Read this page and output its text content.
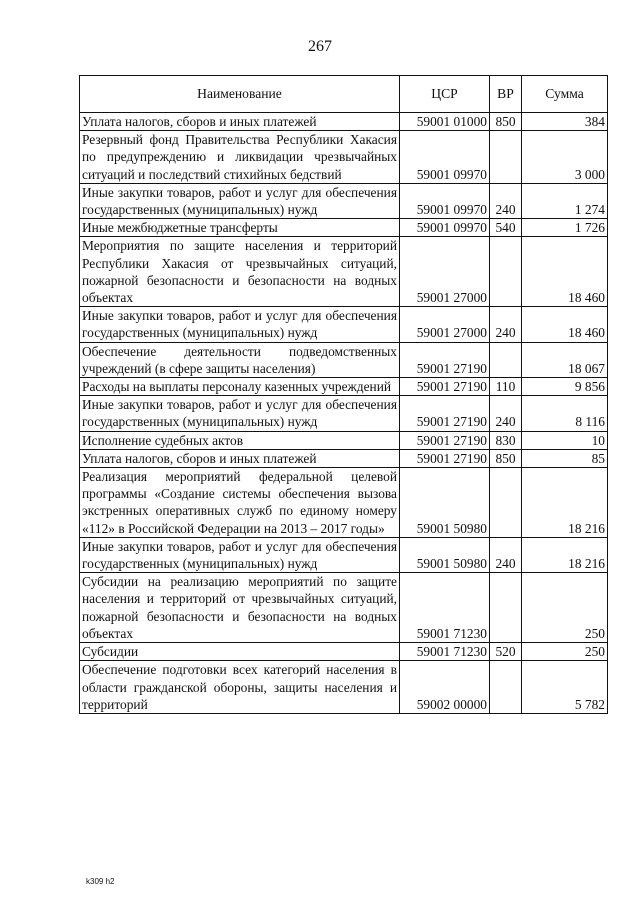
267
Наименование	ЦСР	ВР	Сумма
Уплата налогов, сборов и иных платежей	59001 01000	850	384
Резервный фонд Правительства Республики Хакасия по предупреждению и ликвидации чрезвычайных ситуаций и последствий стихийных бедствий	59001 09970		3 000
Иные закупки товаров, работ и услуг для обеспечения государственных (муниципальных) нужд	59001 09970	240	1 274
Иные межбюджетные трансферты	59001 09970	540	1 726
Мероприятия по защите населения и территорий Республики Хакасия от чрезвычайных ситуаций, пожарной безопасности и безопасности на водных объектах	59001 27000		18 460
Иные закупки товаров, работ и услуг для обеспечения государственных (муниципальных) нужд	59001 27000	240	18 460
Обеспечение деятельности подведомственных учреждений (в сфере защиты населения)	59001 27190		18 067
Расходы на выплаты персоналу казенных учреждений	59001 27190	110	9 856
Иные закупки товаров, работ и услуг для обеспечения государственных (муниципальных) нужд	59001 27190	240	8 116
Исполнение судебных актов	59001 27190	830	10
Уплата налогов, сборов и иных платежей	59001 27190	850	85
Реализация мероприятий федеральной целевой программы «Создание системы обеспечения вызова экстренных оперативных служб по единому номеру «112» в Российской Федерации на 2013 – 2017 годы»	59001 50980		18 216
Иные закупки товаров, работ и услуг для обеспечения государственных (муниципальных) нужд	59001 50980	240	18 216
Субсидии на реализацию мероприятий по защите населения и территорий от чрезвычайных ситуаций, пожарной безопасности и безопасности на водных объектах	59001 71230		250
Субсидии	59001 71230	520	250
Обеспечение подготовки всех категорий населения в области гражданской обороны, защиты населения и территорий	59002 00000		5 782
k309 h2
